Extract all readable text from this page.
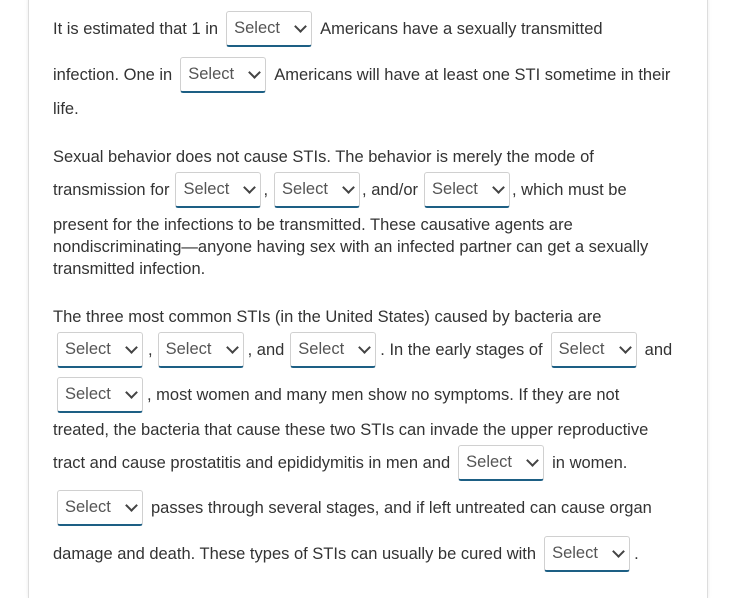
It is estimated that 1 in Select Americans have a sexually transmitted
infection. One in Select Americans will have at least one STI sometime in their
life.
Sexual behavior does not cause STIs. The behavior is merely the mode of
transmission for Select , Select , and/or Select , which must be
present for the infections to be transmitted. These causative agents are
nondiscriminating—anyone having sex with an infected partner can get a sexually
transmitted infection.
The three most common STIs (in the United States) caused by bacteria are
Select , Select , and Select . In the early stages of Select and
Select , most women and many men show no symptoms. If they are not
treated, the bacteria that cause these two STIs can invade the upper reproductive
tract and cause prostatitis and epididymitis in men and Select in women.
Select passes through several stages, and if left untreated can cause organ
damage and death. These types of STIs can usually be cured with Select .
